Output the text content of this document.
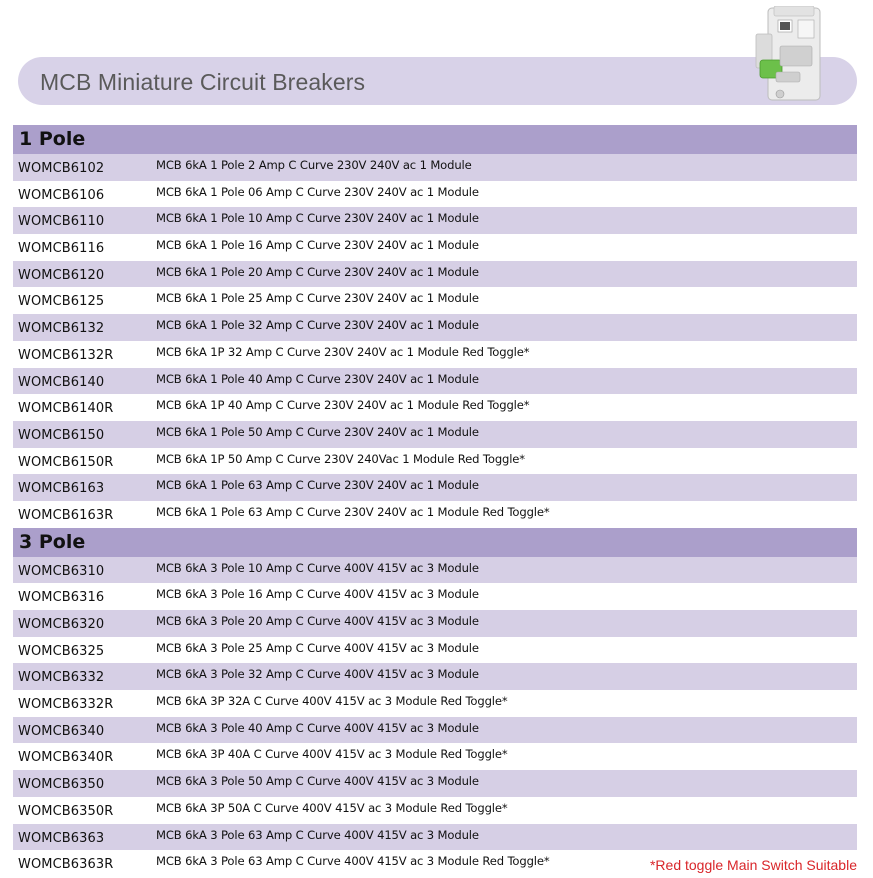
MCB Miniature Circuit Breakers
1 Pole
WOMCB6102	MCB 6kA 1 Pole 2 Amp C Curve 230V 240V ac 1 Module
WOMCB6106	MCB 6kA 1 Pole 06 Amp C Curve 230V 240V ac 1 Module
WOMCB6110	MCB 6kA 1 Pole 10 Amp C Curve 230V 240V ac 1 Module
WOMCB6116	MCB 6kA 1 Pole 16 Amp C Curve 230V 240V ac 1 Module
WOMCB6120	MCB 6kA 1 Pole 20 Amp C Curve 230V 240V ac 1 Module
WOMCB6125	MCB 6kA 1 Pole 25 Amp C Curve 230V 240V ac 1 Module
WOMCB6132	MCB 6kA 1 Pole 32 Amp C Curve 230V 240V ac 1 Module
WOMCB6132R	MCB 6kA 1P 32 Amp C Curve 230V 240V ac 1 Module Red Toggle*
WOMCB6140	MCB 6kA 1 Pole 40 Amp C Curve 230V 240V ac 1 Module
WOMCB6140R	MCB 6kA 1P 40 Amp C Curve 230V 240V ac 1 Module Red Toggle*
WOMCB6150	MCB 6kA 1 Pole 50 Amp C Curve 230V 240V ac 1 Module
WOMCB6150R	MCB 6kA 1P 50 Amp C Curve 230V 240Vac 1 Module Red Toggle*
WOMCB6163	MCB 6kA 1 Pole 63 Amp C Curve 230V 240V ac 1 Module
WOMCB6163R	MCB 6kA 1 Pole 63 Amp C Curve 230V 240V ac 1 Module Red Toggle*
3 Pole
WOMCB6310	MCB 6kA 3 Pole 10 Amp C Curve 400V 415V ac 3 Module
WOMCB6316	MCB 6kA 3 Pole 16 Amp C Curve 400V 415V ac 3 Module
WOMCB6320	MCB 6kA 3 Pole 20 Amp C Curve 400V 415V ac 3 Module
WOMCB6325	MCB 6kA 3 Pole 25 Amp C Curve 400V 415V ac 3 Module
WOMCB6332	MCB 6kA 3 Pole 32 Amp C Curve 400V 415V ac 3 Module
WOMCB6332R	MCB 6kA 3P 32A C Curve 400V 415V ac 3 Module Red Toggle*
WOMCB6340	MCB 6kA 3 Pole 40 Amp C Curve 400V 415V ac 3 Module
WOMCB6340R	MCB 6kA 3P 40A C Curve 400V 415V ac 3 Module Red Toggle*
WOMCB6350	MCB 6kA 3 Pole 50 Amp C Curve 400V 415V ac 3 Module
WOMCB6350R	MCB 6kA 3P 50A C Curve 400V 415V ac 3 Module Red Toggle*
WOMCB6363	MCB 6kA 3 Pole 63 Amp C Curve 400V 415V ac 3 Module
WOMCB6363R	MCB 6kA 3 Pole 63 Amp C Curve 400V 415V ac 3 Module Red Toggle*	*Red toggle Main Switch Suitable
